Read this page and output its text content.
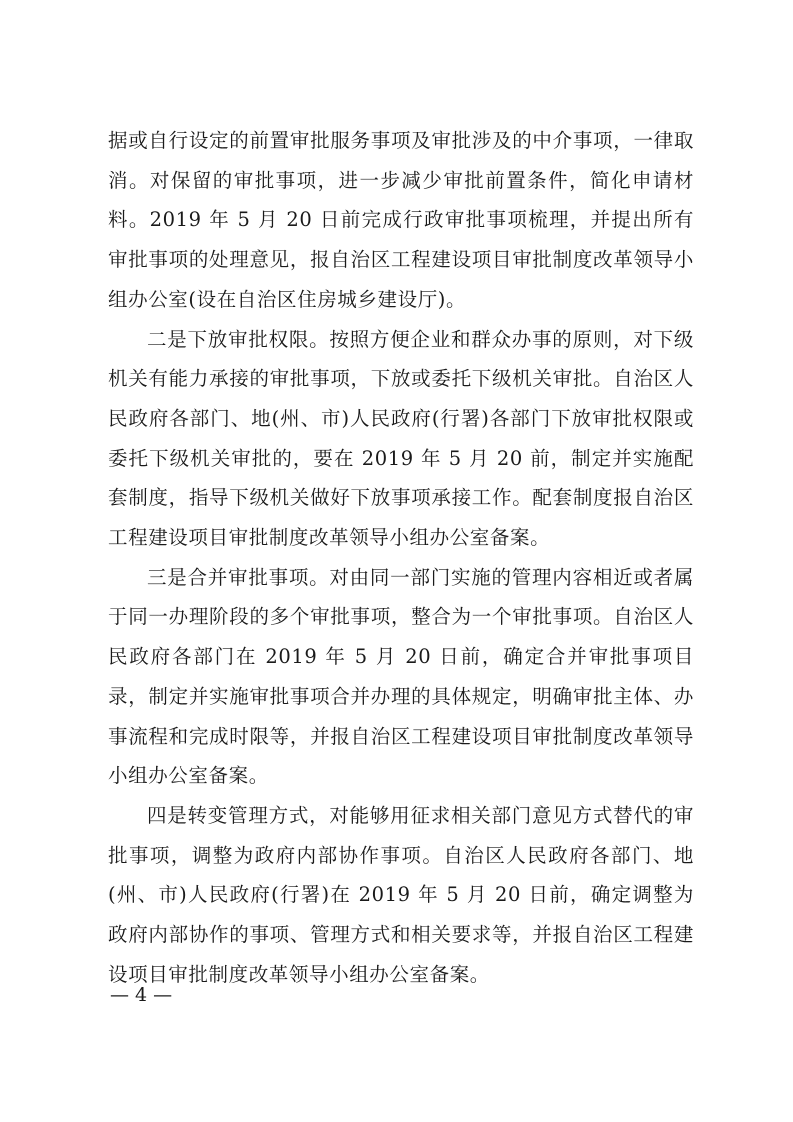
据或自行设定的前置审批服务事项及审批涉及的中介事项，一律取消。对保留的审批事项，进一步减少审批前置条件，简化申请材料。2019 年 5 月 20 日前完成行政审批事项梳理，并提出所有审批事项的处理意见，报自治区工程建设项目审批制度改革领导小组办公室(设在自治区住房城乡建设厅)。

二是下放审批权限。按照方便企业和群众办事的原则，对下级机关有能力承接的审批事项，下放或委托下级机关审批。自治区人民政府各部门、地(州、市)人民政府(行署)各部门下放审批权限或委托下级机关审批的，要在 2019 年 5 月 20 前，制定并实施配套制度，指导下级机关做好下放事项承接工作。配套制度报自治区工程建设项目审批制度改革领导小组办公室备案。

三是合并审批事项。对由同一部门实施的管理内容相近或者属于同一办理阶段的多个审批事项，整合为一个审批事项。自治区人民政府各部门在 2019 年 5 月 20 日前，确定合并审批事项目录，制定并实施审批事项合并办理的具体规定，明确审批主体、办事流程和完成时限等，并报自治区工程建设项目审批制度改革领导小组办公室备案。

四是转变管理方式，对能够用征求相关部门意见方式替代的审批事项，调整为政府内部协作事项。自治区人民政府各部门、地(州、市)人民政府(行署)在 2019 年 5 月 20 日前，确定调整为政府内部协作的事项、管理方式和相关要求等，并报自治区工程建设项目审批制度改革领导小组办公室备案。

— 4 —
